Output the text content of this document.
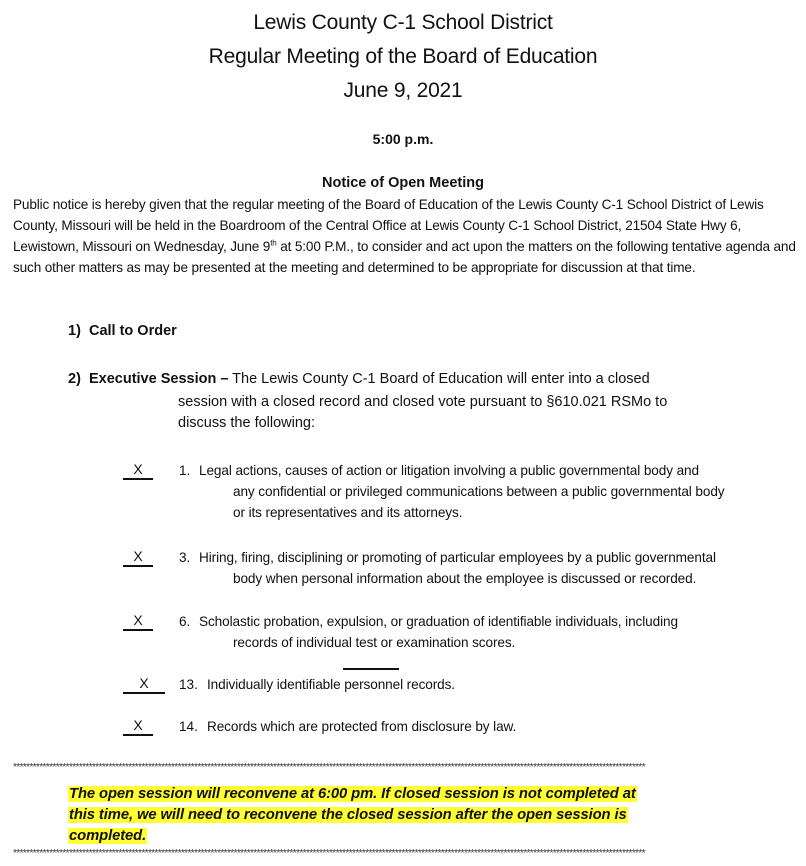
Lewis County C-1 School District
Regular Meeting of the Board of Education
June 9, 2021
5:00 p.m.
Notice of Open Meeting
Public notice is hereby given that the regular meeting of the Board of Education of the Lewis County C-1 School District of Lewis County, Missouri will be held in the Boardroom of the Central Office at Lewis County C-1 School District, 21504 State Hwy 6, Lewistown, Missouri on Wednesday, June 9th at 5:00 P.M., to consider and act upon the matters on the following tentative agenda and such other matters as may be presented at the meeting and determined to be appropriate for discussion at that time.
1) Call to Order
2) Executive Session – The Lewis County C-1 Board of Education will enter into a closed
session with a closed record and closed vote pursuant to §610.021 RSMo to
discuss the following:
X	1. Legal actions, causes of action or litigation involving a public governmental body and
any confidential or privileged communications between a public governmental body
or its representatives and its attorneys.
X	3. Hiring, firing, disciplining or promoting of particular employees by a public governmental
body when personal information about the employee is discussed or recorded.
X	6. Scholastic probation, expulsion, or graduation of identifiable individuals, including
records of individual test or examination scores.
X	13. Individually identifiable personnel records.
X	14. Records which are protected from disclosure by law.
************************************************************************************************************************************************************************************************
The open session will reconvene at 6:00 pm. If closed session is not completed at
this time, we will need to reconvene the closed session after the open session is
completed.
************************************************************************************************************************************************************************************************
